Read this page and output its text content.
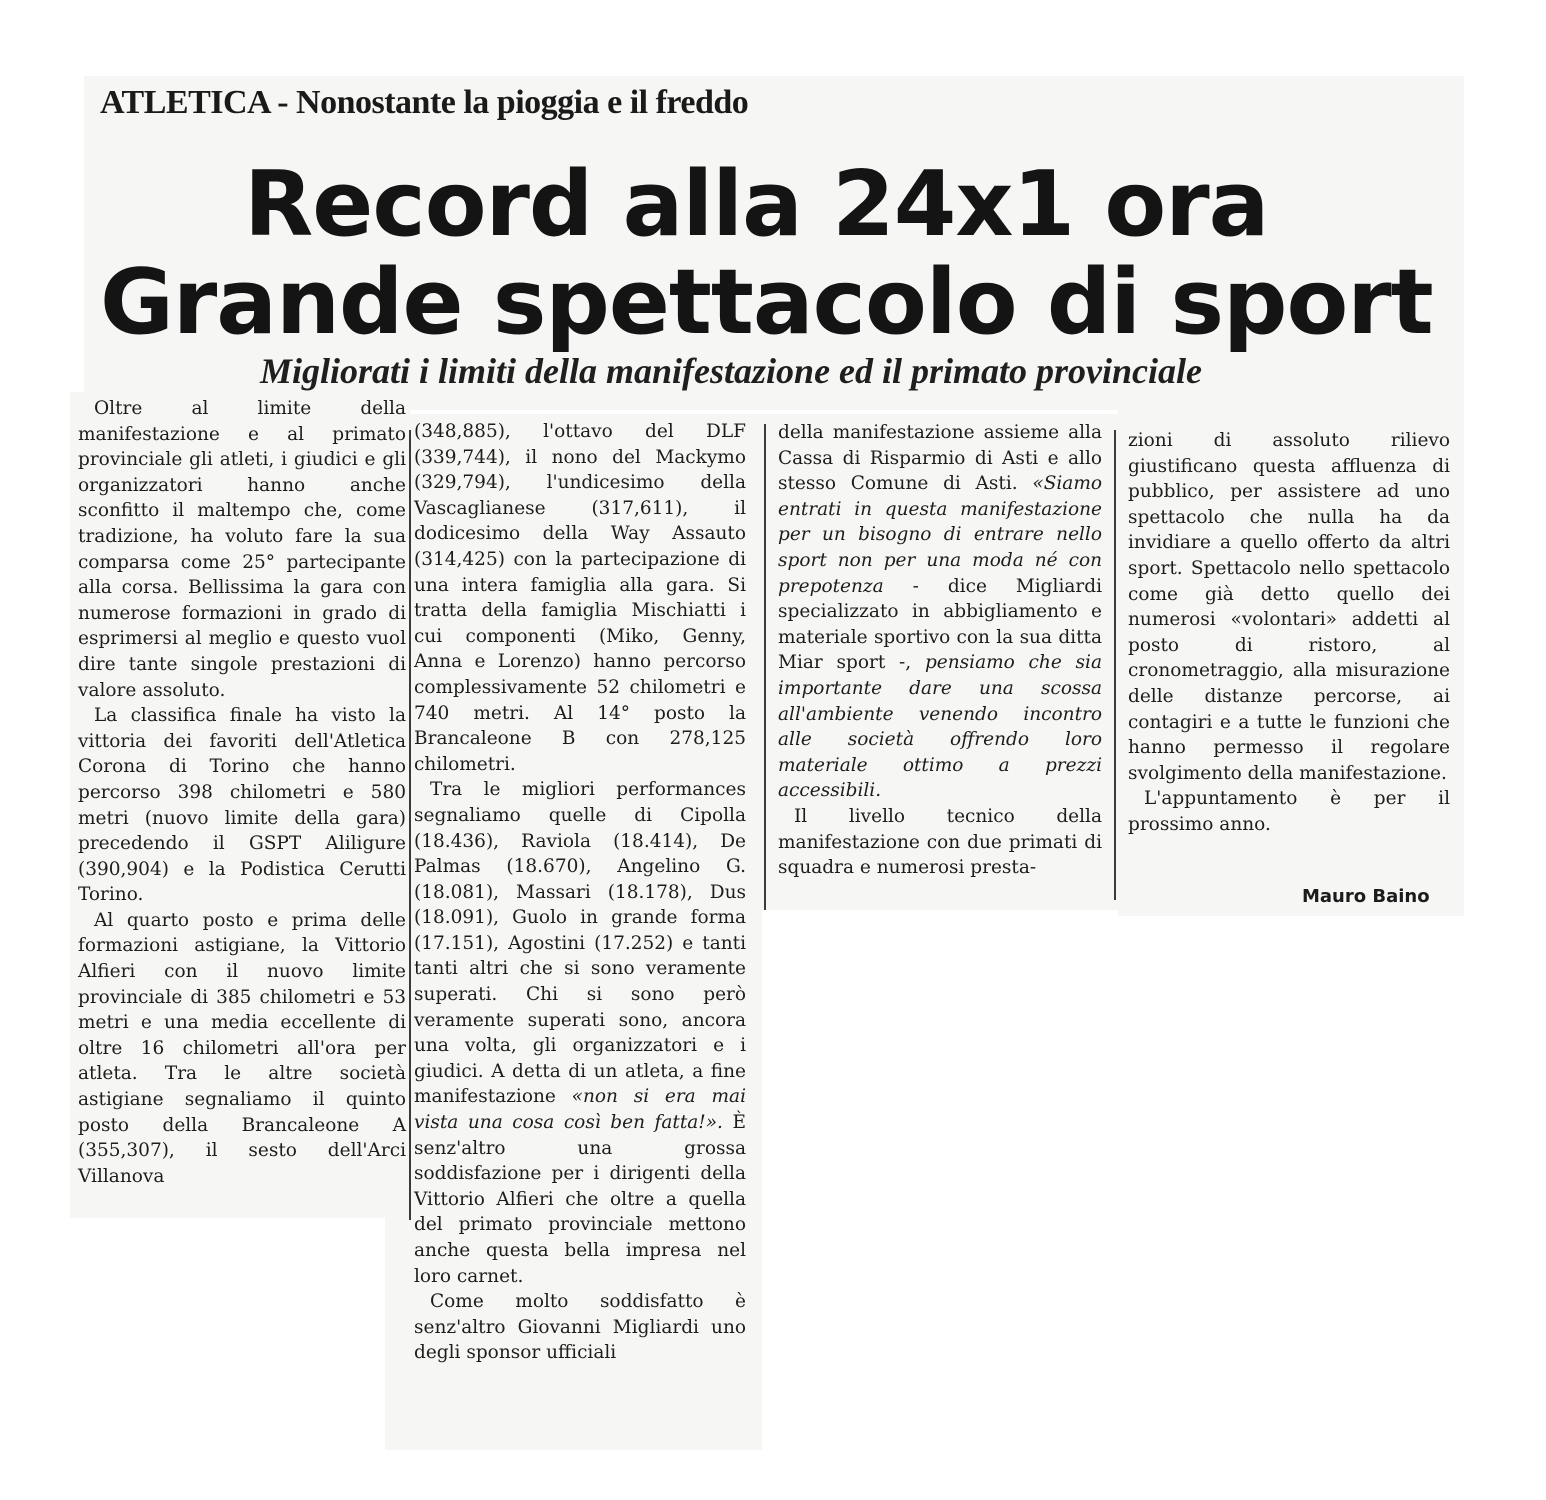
ATLETICA - Nonostante la pioggia e il freddo
Record alla 24x1 ora
Grande spettacolo di sport
Migliorati i limiti della manifestazione ed il primato provinciale

Oltre al limite della manifestazione e al primato provinciale gli atleti, i giudici e gli organizzatori hanno anche sconfitto il maltempo che, come tradizione, ha voluto fare la sua comparsa come 25° partecipante alla corsa. Bellissima la gara con numerose formazioni in grado di esprimersi al meglio e questo vuol dire tante singole prestazioni di valore assoluto.

La classifica finale ha visto la vittoria dei favoriti dell'Atletica Corona di Torino che hanno percorso 398 chilometri e 580 metri (nuovo limite della gara) precedendo il GSPT Aliligure (390,904) e la Podistica Cerutti Torino.

Al quarto posto e prima delle formazioni astigiane, la Vittorio Alfieri con il nuovo limite provinciale di 385 chilometri e 53 metri e una media eccellente di oltre 16 chilometri all'ora per atleta. Tra le altre società astigiane segnaliamo il quinto posto della Brancaleone A (355,307), il sesto dell'Arci Villanova

(348,885), l'ottavo del DLF (339,744), il nono del Mackymo (329,794), l'undicesimo della Vascaglianese (317,611), il dodicesimo della Way Assauto (314,425) con la partecipazione di una intera famiglia alla gara. Si tratta della famiglia Mischiatti i cui componenti (Miko, Genny, Anna e Lorenzo) hanno percorso complessivamente 52 chilometri e 740 metri. Al 14° posto la Brancaleone B con 278,125 chilometri.

Tra le migliori performances segnaliamo quelle di Cipolla (18.436), Raviola (18.414), De Palmas (18.670), Angelino G. (18.081), Massari (18.178), Dus (18.091), Guolo in grande forma (17.151), Agostini (17.252) e tanti tanti altri che si sono veramente superati. Chi si sono però veramente superati sono, ancora una volta, gli organizzatori e i giudici. A detta di un atleta, a fine manifestazione «non si era mai vista una cosa così ben fatta!». È senz'altro una grossa soddisfazione per i dirigenti della Vittorio Alfieri che oltre a quella del primato provinciale mettono anche questa bella impresa nel loro carnet.

Come molto soddisfatto è senz'altro Giovanni Migliardi uno degli sponsor ufficiali

della manifestazione assieme alla Cassa di Risparmio di Asti e allo stesso Comune di Asti. «Siamo entrati in questa manifestazione per un bisogno di entrare nello sport non per una moda né con prepotenza - dice Migliardi specializzato in abbigliamento e materiale sportivo con la sua ditta Miar sport -, pensiamo che sia importante dare una scossa all'ambiente venendo incontro alle società offrendo loro materiale ottimo a prezzi accessibili.

Il livello tecnico della manifestazione con due primati di squadra e numerosi presta-

zioni di assoluto rilievo giustificano questa affluenza di pubblico, per assistere ad uno spettacolo che nulla ha da invidiare a quello offerto da altri sport. Spettacolo nello spettacolo come già detto quello dei numerosi «volontari» addetti al posto di ristoro, al cronometraggio, alla misurazione delle distanze percorse, ai contagiri e a tutte le funzioni che hanno permesso il regolare svolgimento della manifestazione.

L'appuntamento è per il prossimo anno.

Mauro Baino
